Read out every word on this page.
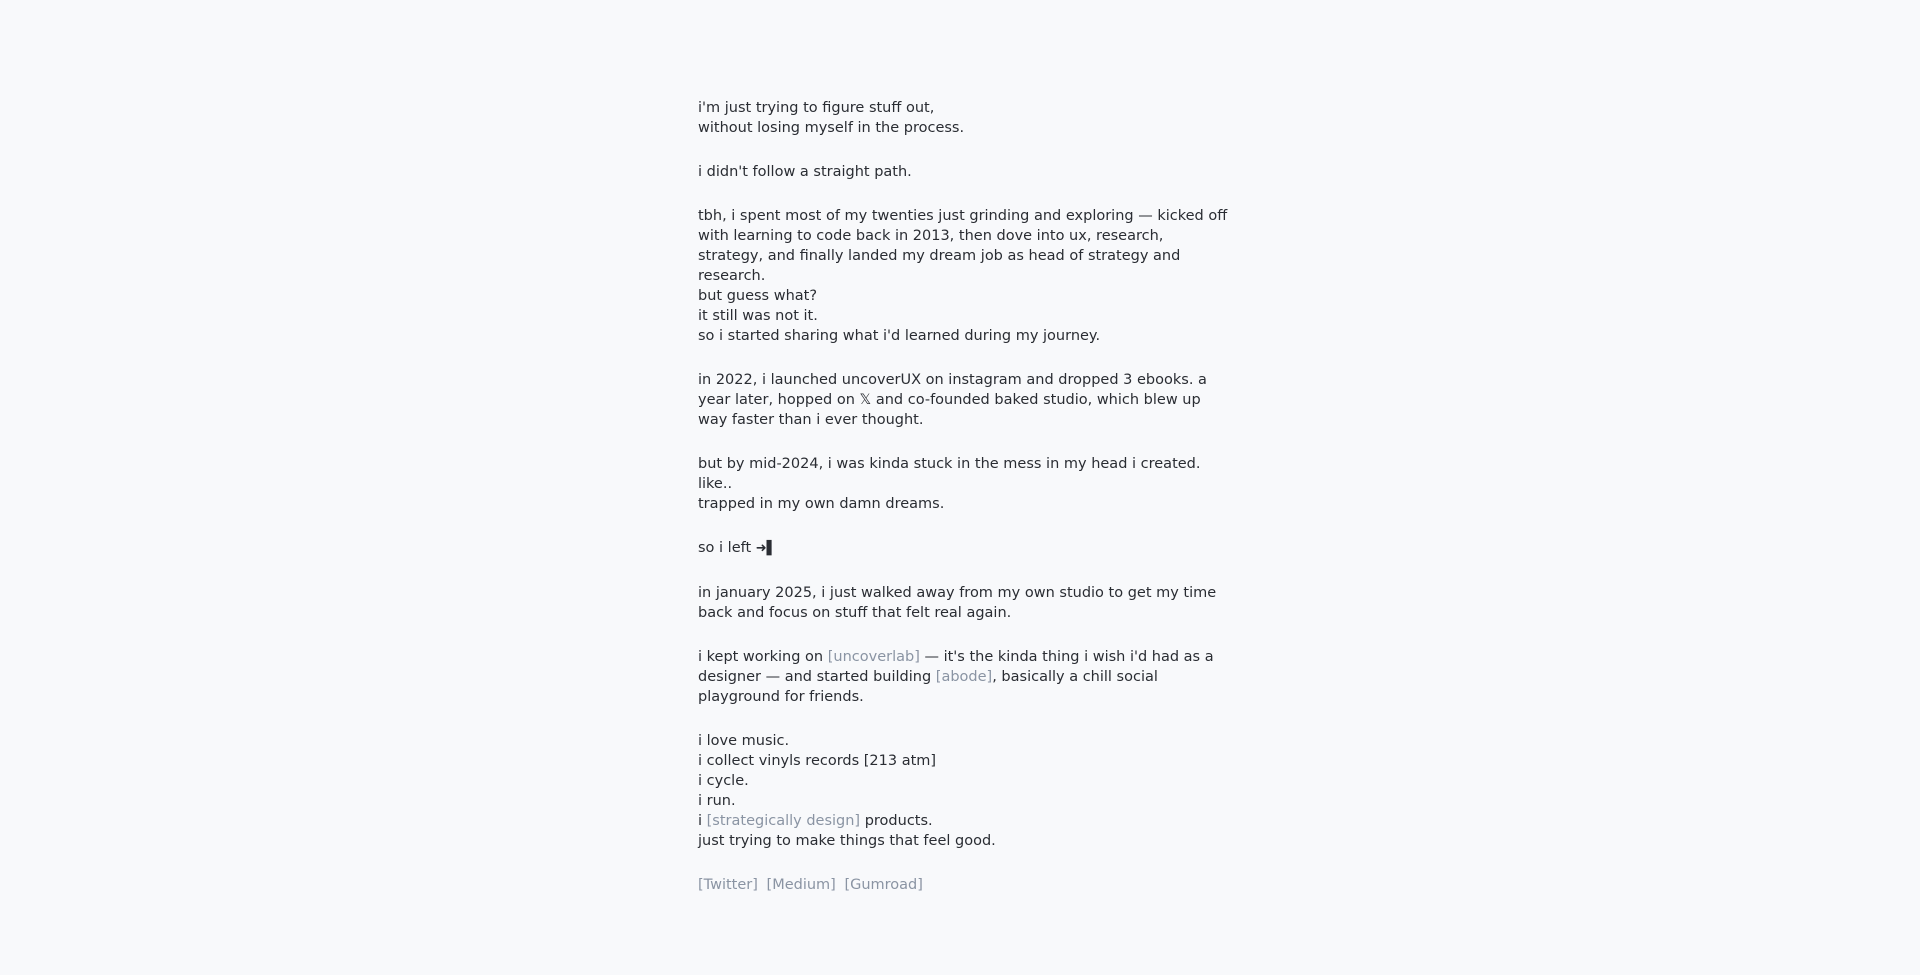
i'm just trying to figure stuff out,
without losing myself in the process.

i didn't follow a straight path.

tbh, i spent most of my twenties just grinding and exploring — kicked off with learning to code back in 2013, then dove into ux, research, strategy, and finally landed my dream job as head of strategy and research.
but guess what?
it still was not it.
so i started sharing what i'd learned during my journey.

in 2022, i launched uncoverUX on instagram and dropped 3 ebooks. a year later, hopped on 𝕏 and co-founded baked studio, which blew up way faster than i ever thought.

but by mid-2024, i was kinda stuck in the mess in my head i created.
like..
trapped in my own damn dreams.

so i left ➜▌

in january 2025, i just walked away from my own studio to get my time back and focus on stuff that felt real again.

i kept working on [uncoverlab] — it's the kinda thing i wish i'd had as a designer — and started building [abode], basically a chill social playground for friends.

i love music.
i collect vinyls records [213 atm]
i cycle.
i run.
i [strategically design] products.
just trying to make things that feel good.

[Twitter] [Medium] [Gumroad]
